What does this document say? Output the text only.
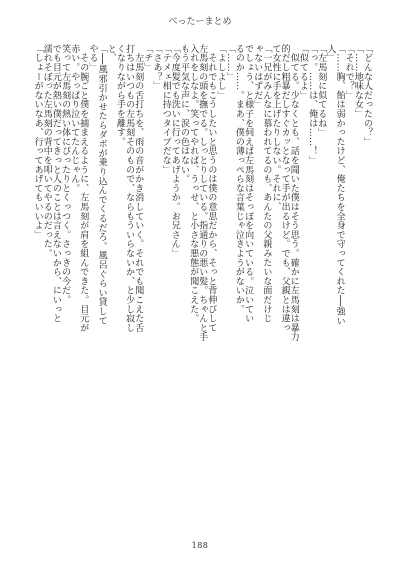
べったーまとめ
「どんな人だったの？」
「……地味な女」
「それで？」
「……胸、飴は弱かったけど、俺たちを全身で守ってくれた──強い
人」
「左馬刻に似てるね」
「っ。……は、俺は……！」
「似てるよ」
　似てる。少なくとも、話を聞いた僕はそう思う。確かに左馬刻は暴力
的だし粗暴だしすぐカッとなって手が出るけど。でも、父親とは違っ
て女性に手を上げたりしない。それに、
「一兄がみんなに慕われてるのも、あんたの父親みたいな面だけじ
ゃないはずだ」
でしょう、と様子を伺えば左馬刻はそっぽを向いている。泣いてい
るのか……。まあ、僕の薄っぺらな言葉じゃ泣きようがないか。
「……」
「よしよし」
　それでもこうしたいと思うのは僕の意思だから、そっと背伸びして
左馬刻の頭を撫でる。しっとりしている。指通りの悪い髪。ちゃんと手
入れをしなよ。笑ってやれば、うっせ、と小さな悪態が聞こえた。
もう平気な声に、涙の色はない。
「今度髪でも洗いに行ってあげようか。お兄さん」
「テメェ相に持つタイプだな」
「さあ？」
「チ」
　左馬刻の舌打ちを、雨の音がかき消していく。それでも聞こえた舌
打ちはいつもの左馬刻そのもので、ならもういらないか、と少し寂し
くなりながら手を離す。
と、
「──風邪引かせたらダボが乗り込んでくるだろ。風呂ぐらい貸して
やる」
　その腕ごと僕を捕まえるように、左馬刻が肩を組んできた。目元が
赤い。やっぱり泣いてたんじゃん。
笑って左馬刻の熱い体にぴったりとくっつく。さっきの今だ。
でも目元が熱い僕だってきっと人のことは言えないから、にいっと
濡れそぼった左馬刻の背中を叩いてやるのだった。
「しょーがないなあ、行ってあげてもいいよ」
188
